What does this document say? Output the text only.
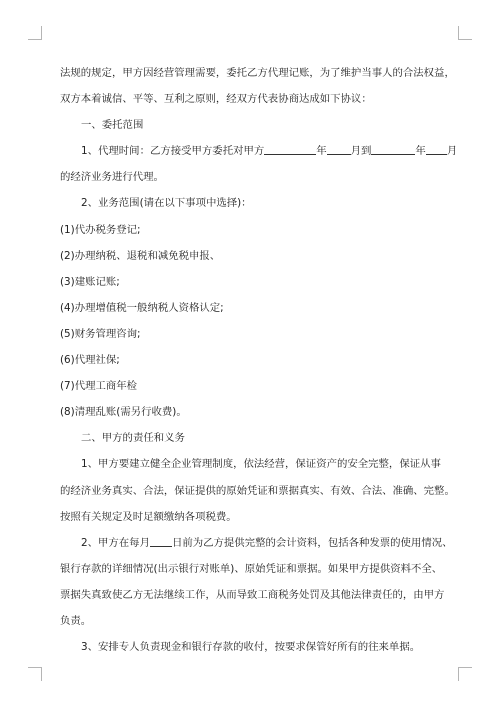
法规的规定，甲方因经营管理需要，委托乙方代理记账，为了维护当事人的合法权益，
双方本着诚信、平等、互利之原则，经双方代表协商达成如下协议：
一、委托范围
1、代理时间：乙方接受甲方委托对甲方	年 月到	年 月
的经济业务进行代理。
2、业务范围(请在以下事项中选择)：
(1)代办税务登记;
(2)办理纳税、退税和减免税申报、
(3)建账记账;
(4)办理增值税一般纳税人资格认定;
(5)财务管理咨询;
(6)代理社保;
(7)代理工商年检
(8)清理乱账(需另行收费)。
二、甲方的责任和义务
1、甲方要建立健全企业管理制度，依法经营，保证资产的安全完整，保证从事
的经济业务真实、合法，保证提供的原始凭证和票据真实、有效、合法、准确、完整。
按照有关规定及时足额缴纳各项税费。
2、甲方在每月 日前为乙方提供完整的会计资料，包括各种发票的使用情况、
银行存款的详细情况(出示银行对账单)、原始凭证和票据。如果甲方提供资料不全、
票据失真致使乙方无法继续工作，从而导致工商税务处罚及其他法律责任的，由甲方
负责。
3、安排专人负责现金和银行存款的收付，按要求保管好所有的往来单据。
